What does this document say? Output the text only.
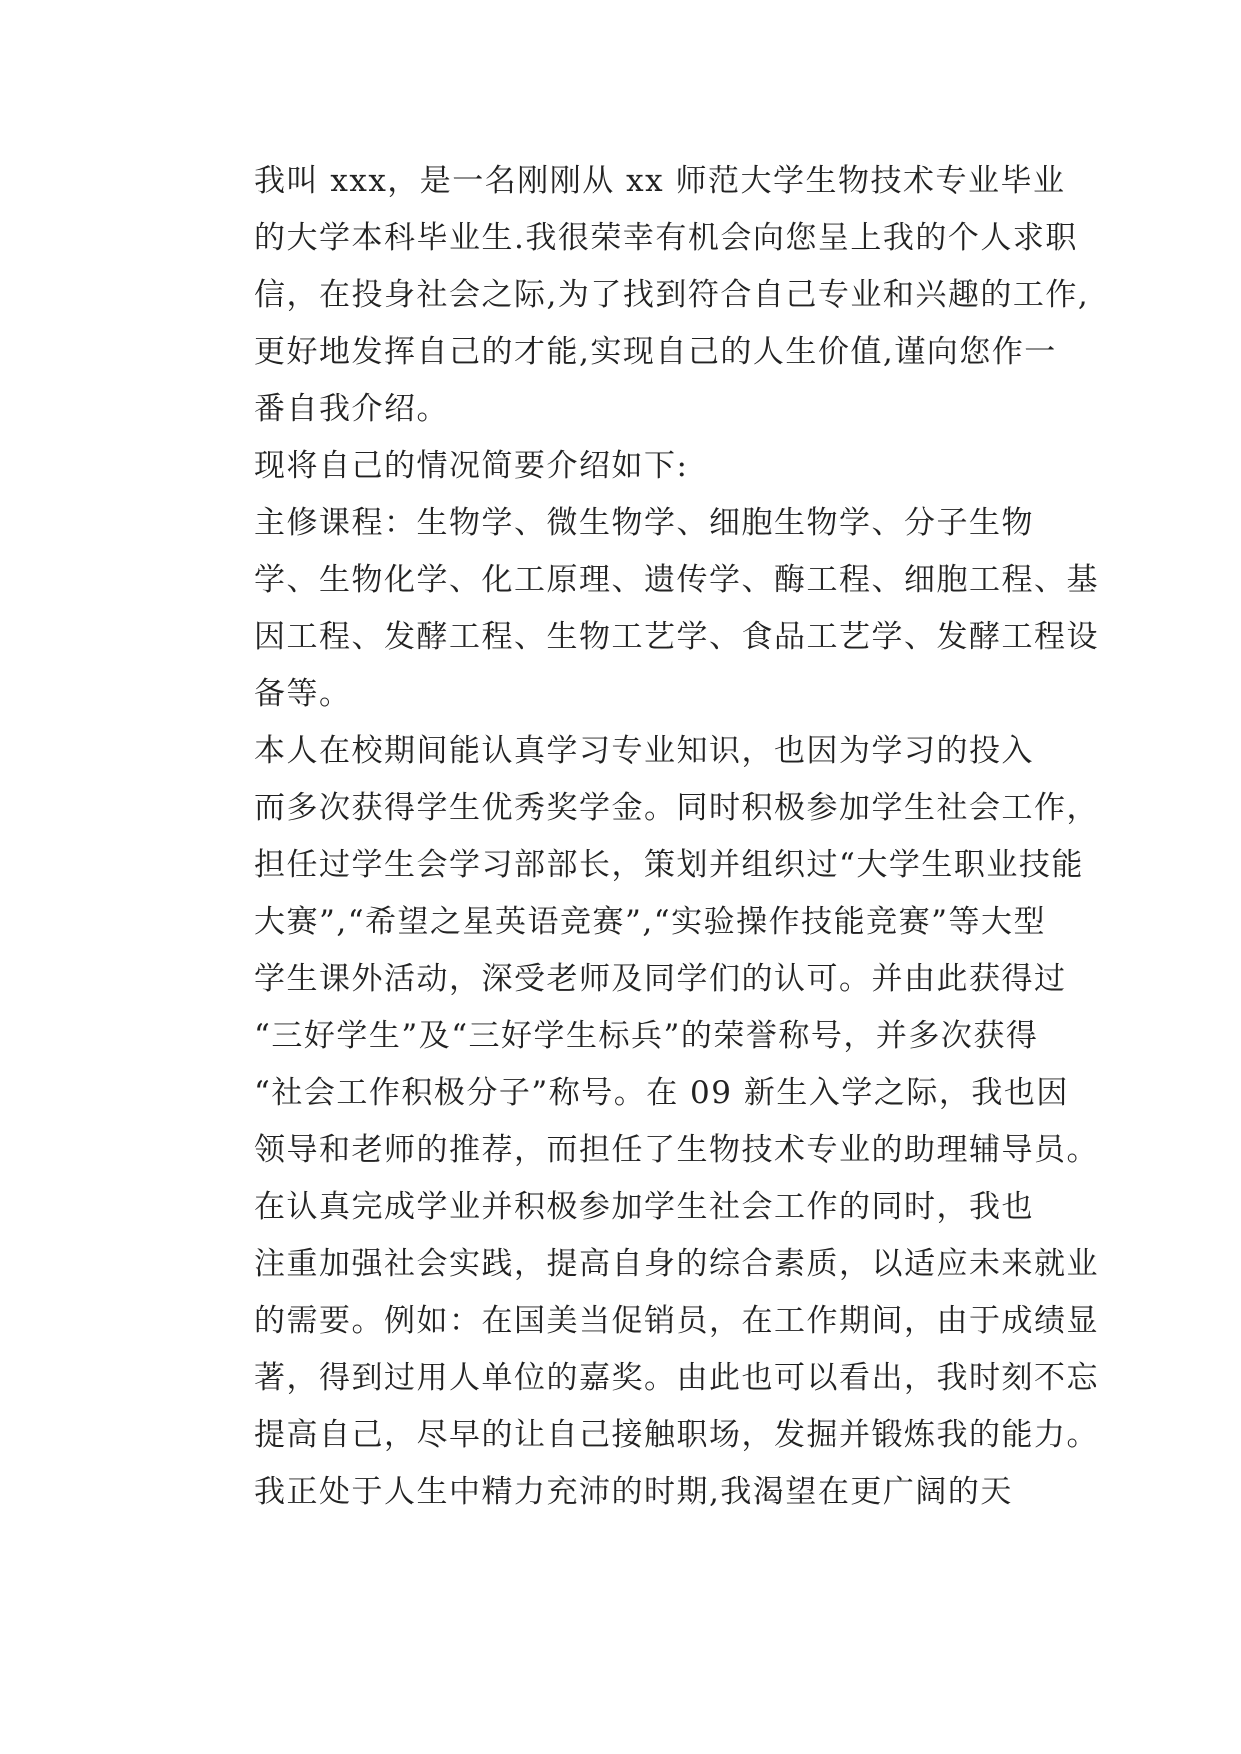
我叫 xxx，是一名刚刚从 xx 师范大学生物技术专业毕业
的大学本科毕业生.我很荣幸有机会向您呈上我的个人求职
信，在投身社会之际,为了找到符合自己专业和兴趣的工作,
更好地发挥自己的才能,实现自己的人生价值,谨向您作一
番自我介绍。

现将自己的情况简要介绍如下:

主修课程：生物学、微生物学、细胞生物学、分子生物
学、生物化学、化工原理、遗传学、酶工程、细胞工程、基
因工程、发酵工程、生物工艺学、食品工艺学、发酵工程设
备等。

本人在校期间能认真学习专业知识，也因为学习的投入
而多次获得学生优秀奖学金。同时积极参加学生社会工作，
担任过学生会学习部部长，策划并组织过“大学生职业技能
大赛”,“希望之星英语竞赛”,“实验操作技能竞赛”等大型
学生课外活动，深受老师及同学们的认可。并由此获得过
“三好学生”及“三好学生标兵”的荣誉称号，并多次获得
“社会工作积极分子”称号。在 09 新生入学之际，我也因
领导和老师的推荐，而担任了生物技术专业的助理辅导员。

在认真完成学业并积极参加学生社会工作的同时，我也
注重加强社会实践，提高自身的综合素质，以适应未来就业
的需要。例如：在国美当促销员，在工作期间，由于成绩显
著，得到过用人单位的嘉奖。由此也可以看出，我时刻不忘
提高自己，尽早的让自己接触职场，发掘并锻炼我的能力。

我正处于人生中精力充沛的时期,我渴望在更广阔的天
